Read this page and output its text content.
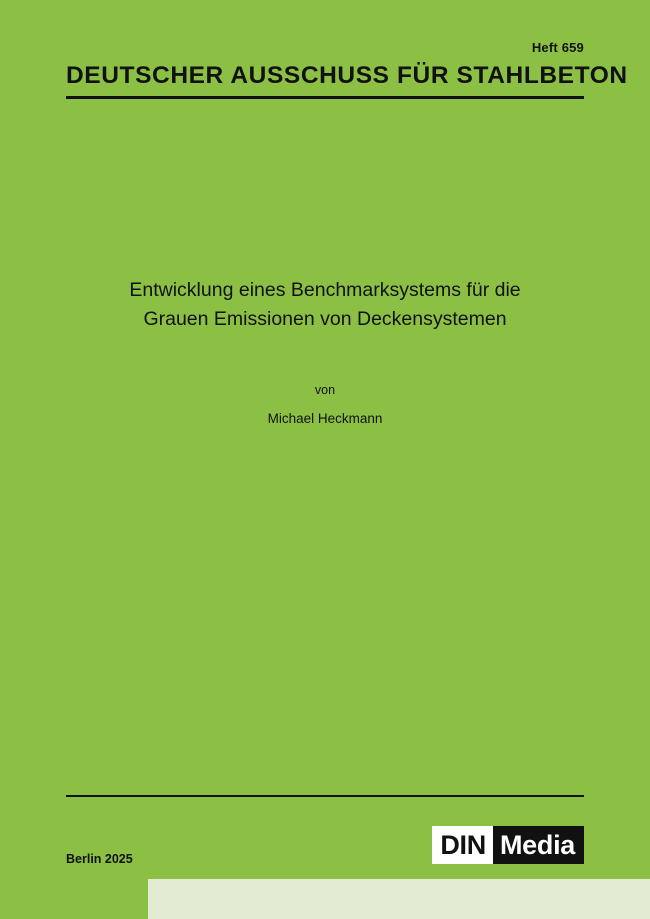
Heft 659
DEUTSCHER AUSSCHUSS FÜR STAHLBETON
Entwicklung eines Benchmarksystems für die
Grauen Emissionen von Deckensystemen
von
Michael Heckmann
Berlin 2025	DIN Media
